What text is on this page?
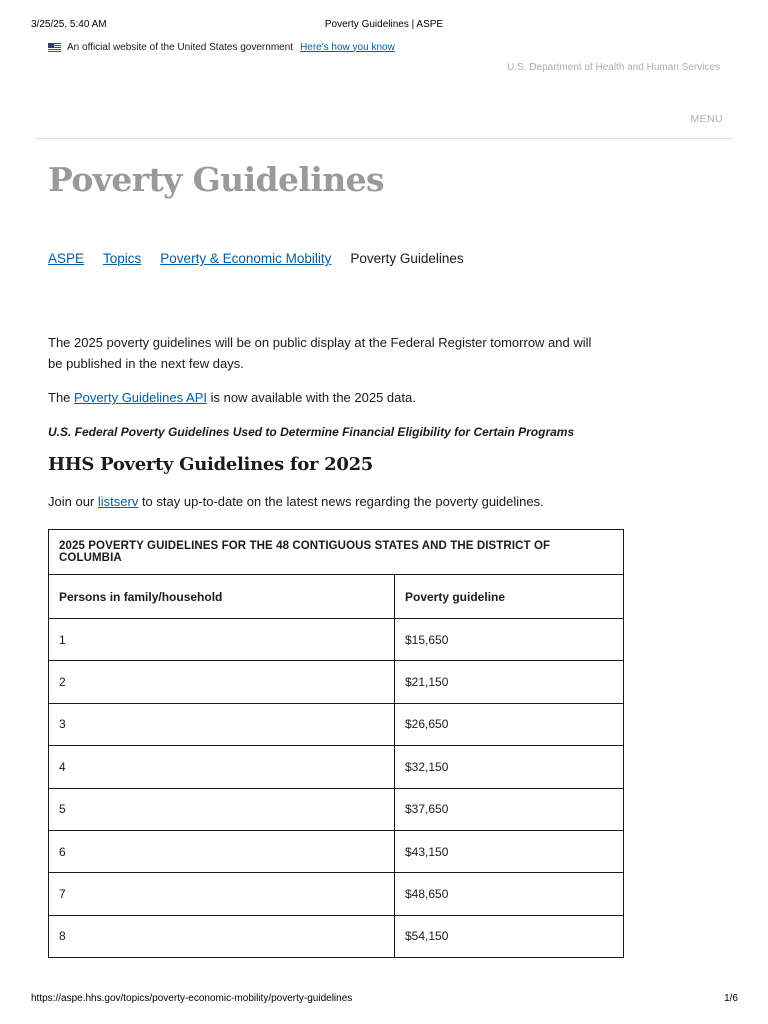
3/25/25, 5:40 AM	Poverty Guidelines | ASPE
An official website of the United States government Here's how you know
U.S. Department of Health and Human Services
MENU
Poverty Guidelines
ASPE Topics Poverty & Economic Mobility Poverty Guidelines

The 2025 poverty guidelines will be on public display at the Federal Register tomorrow and will be published in the next few days.

The Poverty Guidelines API is now available with the 2025 data.

U.S. Federal Poverty Guidelines Used to Determine Financial Eligibility for Certain Programs

HHS Poverty Guidelines for 2025

Join our listserv to stay up-to-date on the latest news regarding the poverty guidelines.

2025 POVERTY GUIDELINES FOR THE 48 CONTIGUOUS STATES AND THE DISTRICT OF COLUMBIA	
Persons in family/household	Poverty guideline
1	$15,650
2	$21,150
3	$26,650
4	$32,150
5	$37,650
6	$43,150
7	$48,650
8	$54,150
https://aspe.hhs.gov/topics/poverty-economic-mobility/poverty-guidelines	1/6
